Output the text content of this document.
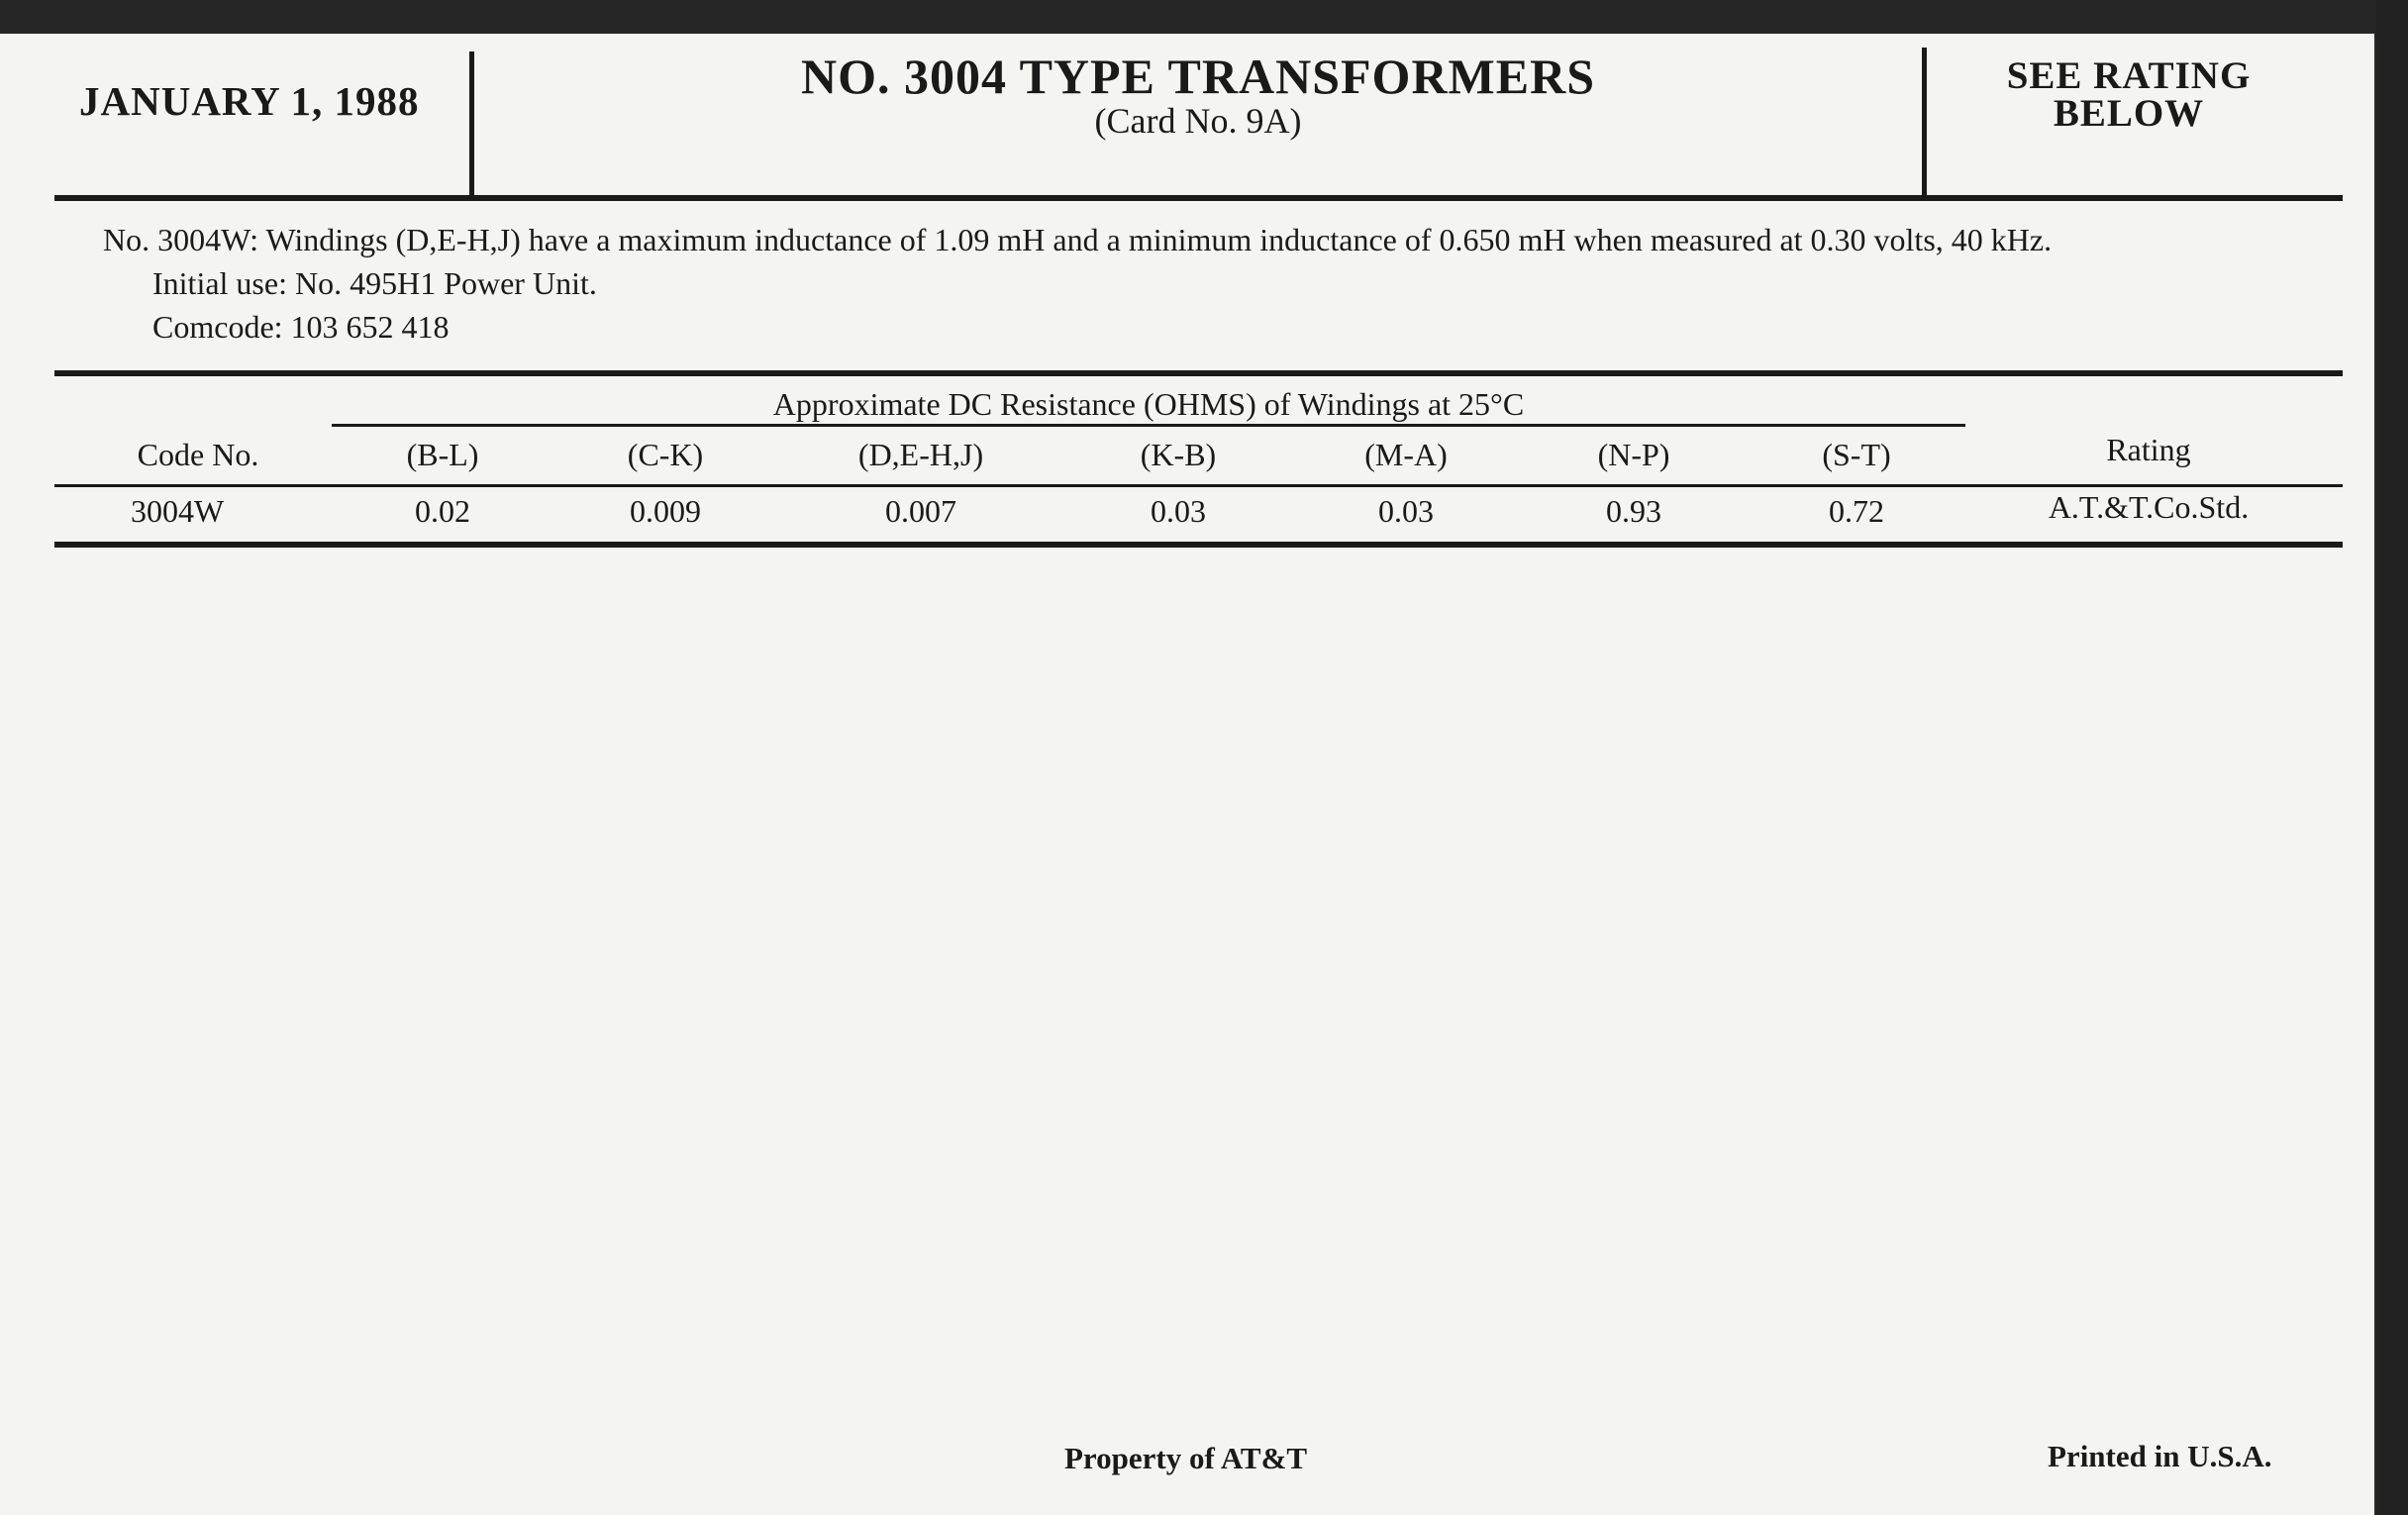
JANUARY 1, 1988	NO. 3004 TYPE TRANSFORMERS
(Card No. 9A)
SEE RATING
BELOW
No. 3004W: Windings (D,E-H,J) have a maximum inductance of 1.09 mH and a minimum inductance of 0.650 mH when measured at 0.30 volts, 40 kHz.
Initial use: No. 495H1 Power Unit.
Comcode: 103 652 418
Approximate DC Resistance (OHMS) of Windings at 25°C
Code No.	(B-L)	(C-K)	(D,E-H,J)	(K-B)	(M-A)	(N-P)	(S-T)	Rating
3004W	0.02	0.009	0.007	0.03	0.03	0.93	0.72	A.T.&T.Co.Std.
Property of AT&T	Printed in U.S.A.
